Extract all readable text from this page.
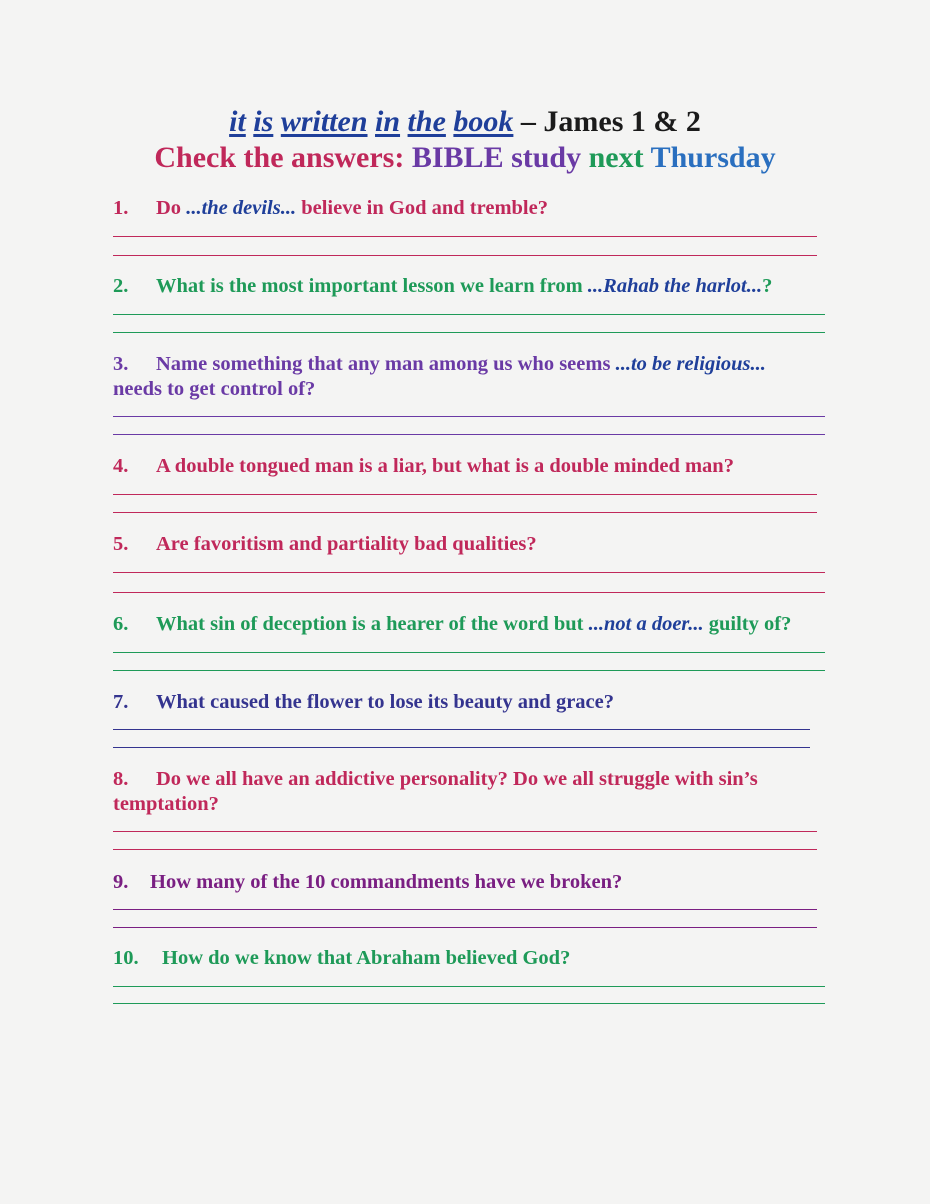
it is written in the book – James 1 & 2
Check the answers: BIBLE study next Thursday
1. Do ...the devils... believe in God and tremble?
2. What is the most important lesson we learn from ...Rahab the harlot...?
3. Name something that any man among us who seems ...to be religious...
needs to get control of?
4. A double tongued man is a liar, but what is a double minded man?
5. Are favoritism and partiality bad qualities?
6. What sin of deception is a hearer of the word but ...not a doer... guilty of?
7. What caused the flower to lose its beauty and grace?
8. Do we all have an addictive personality? Do we all struggle with sin’s
temptation?
9. How many of the 10 commandments have we broken?
10. How do we know that Abraham believed God?
